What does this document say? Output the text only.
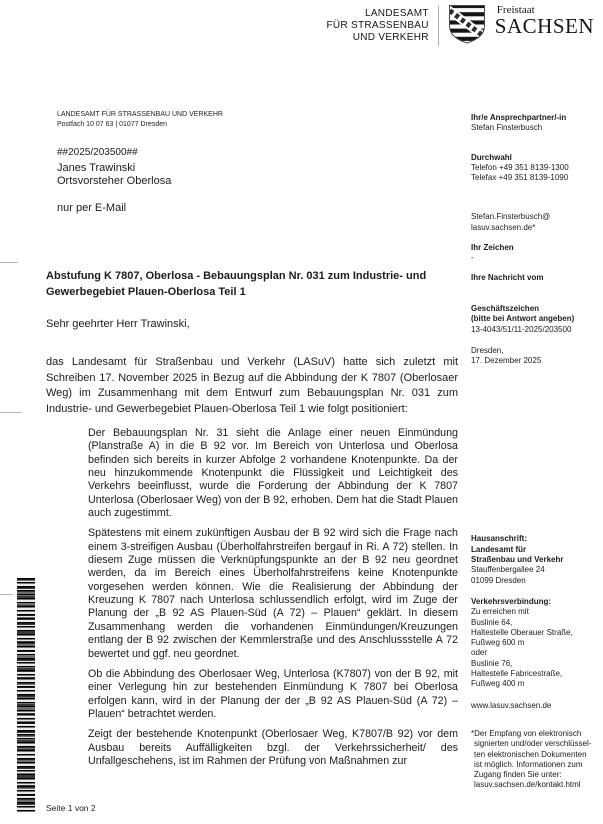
LANDESAMT
FÜR STRASSENBAU
UND VERKEHR
Freistaat
SACHSEN
LANDESAMT FÜR STRASSENBAU UND VERKEHR
Postfach 10 07 63 | 01077 Dresden
##2025/203500##
Janes Trawinski
Ortsvorsteher Oberlosa
nur per E-Mail
Ihr/e Ansprechpartner/-in
Stefan Finsterbusch
Durchwahl
Telefon +49 351 8139-1300
Telefax +49 351 8139-1090
Stefan.Finsterbusch@
lasuv.sachsen.de*
Ihr Zeichen
-
Ihre Nachricht vom
Geschäftszeichen
(bitte bei Antwort angeben)
13-4043/51/11-2025/203500
Dresden,
17. Dezember 2025
Hausanschrift:
Landesamt für
Straßenbau und Verkehr
Stauffenbergallee 24
01099 Dresden
Verkehrsverbindung:
Zu erreichen mit
Buslinie 64,
Haltestelle Oberauer Straße,
Fußweg 600 m
oder
Buslinie 76,
Haltestelle Fabricestraße,
Fußweg 400 m
www.lasuv.sachsen.de
*Der Empfang von elektronisch
signierten und/oder verschlüssel-
ten elektronischen Dokumenten
ist möglich. Informationen zum
Zugang finden Sie unter:
lasuv.sachsen.de/kontakt.html
Abstufung K 7807, Oberlosa - Bebauungsplan Nr. 031 zum Industrie- und Gewerbegebiet Plauen-Oberlosa Teil 1
Sehr geehrter Herr Trawinski,

das Landesamt für Straßenbau und Verkehr (LASuV) hatte sich zuletzt mit Schreiben 17. November 2025 in Bezug auf die Abbindung der K 7807 (Oberlosaer Weg) im Zusammenhang mit dem Entwurf zum Bebauungsplan Nr. 031 zum Industrie- und Gewerbegebiet Plauen-Oberlosa Teil 1 wie folgt positioniert:

Der Bebauungsplan Nr. 31 sieht die Anlage einer neuen Einmündung (Planstraße A) in die B 92 vor. Im Bereich von Unterlosa und Oberlosa befinden sich bereits in kurzer Abfolge 2 vorhandene Knotenpunkte. Da der neu hinzukommende Knotenpunkt die Flüssigkeit und Leichtigkeit des Verkehrs beeinflusst, wurde die Forderung der Abbindung der K 7807 Unterlosa (Oberlosaer Weg) von der B 92, erhoben. Dem hat die Stadt Plauen auch zugestimmt.

Spätestens mit einem zukünftigen Ausbau der B 92 wird sich die Frage nach einem 3-streifigen Ausbau (Überholfahrstreifen bergauf in Ri. A 72) stellen. In diesem Zuge müssen die Verknüpfungspunkte an der B 92 neu geordnet werden, da im Bereich eines Überholfahrstreifens keine Knotenpunkte vorgesehen werden können. Wie die Realisierung der Abbindung der Kreuzung K 7807 nach Unterlosa schlussendlich erfolgt, wird im Zuge der Planung der „B 92 AS Plauen-Süd (A 72) – Plauen“ geklärt. In diesem Zusammenhang werden die vorhandenen Einmündungen/Kreuzungen entlang der B 92 zwischen der Kemmlerstraße und des Anschlussstelle A 72 bewertet und ggf. neu geordnet.

Ob die Abbindung des Oberlosaer Weg, Unterlosa (K7807) von der B 92, mit einer Verlegung hin zur bestehenden Einmündung K 7807 bei Oberlosa erfolgen kann, wird in der Planung der der „B 92 AS Plauen-Süd (A 72) – Plauen“ betrachtet werden.

Zeigt der bestehende Knotenpunkt (Oberlosaer Weg, K7807/B 92) vor dem Ausbau bereits Auffälligkeiten bzgl. der Verkehrssicherheit/ des Unfallgeschehens, ist im Rahmen der Prüfung von Maßnahmen zur

Seite 1 von 2
